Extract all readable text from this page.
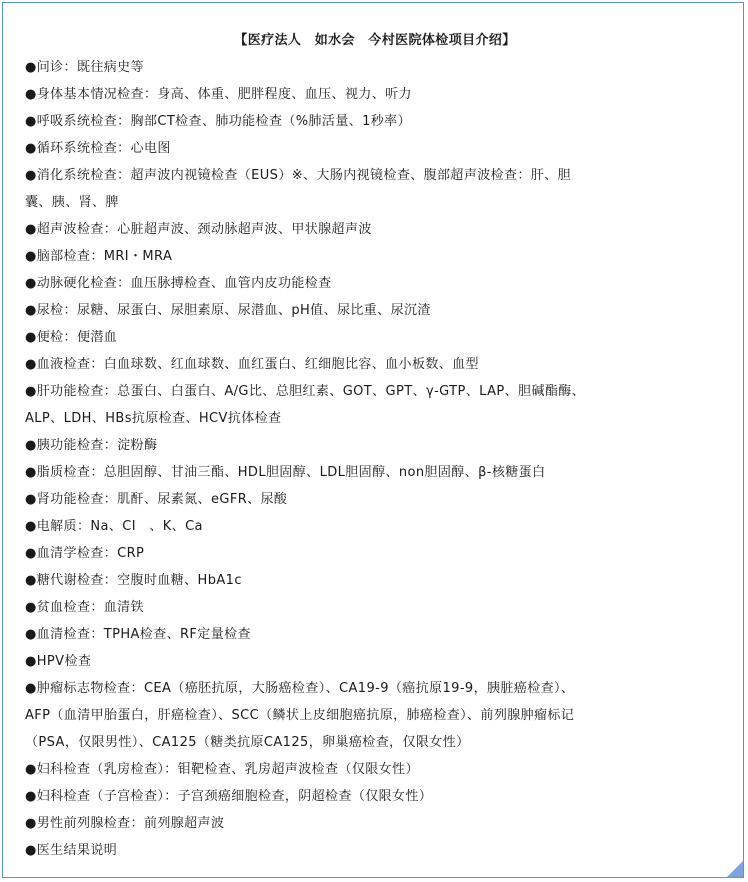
【医疗法人　如水会　今村医院体检项目介绍】
●问诊：既往病史等
●身体基本情况检查：身高、体重、肥胖程度、血压、视力、听力
●呼吸系统检查：胸部CT检查、肺功能检查（%肺活量、1秒率）
●循环系统检查：心电图
●消化系统检查：超声波内视镜检查（EUS）※、大肠内视镜检查、腹部超声波检查：肝、胆
囊、胰、肾、脾
●超声波检查：心脏超声波、颈动脉超声波、甲状腺超声波
●脑部检查：MRI・MRA
●动脉硬化检查：血压脉搏检查、血管内皮功能检查
●尿检：尿糖、尿蛋白、尿胆素原、尿潜血、pH值、尿比重、尿沉渣
●便检：便潜血
●血液检查：白血球数、红血球数、血红蛋白、红细胞比容、血小板数、血型
●肝功能检查：总蛋白、白蛋白、A/G比、总胆红素、GOT、GPT、γ-GTP、LAP、胆碱酯酶、
ALP、LDH、HBs抗原检查、HCV抗体检查
●胰功能检查：淀粉酶
●脂质检查：总胆固醇、甘油三酯、HDL胆固醇、LDL胆固醇、non胆固醇、β-核糖蛋白
●肾功能检查：肌酐、尿素氮、eGFR、尿酸
●电解质：Na、CI　、K、Ca
●血清学检查：CRP
●糖代谢检查：空腹时血糖、HbA1c
●贫血检查：血清铁
●血清检查：TPHA检查、RF定量检查
●HPV检查
●肿瘤标志物检查：CEA（癌胚抗原，大肠癌检查）、CA19-9（癌抗原19-9，胰脏癌检查）、
AFP（血清甲胎蛋白，肝癌检查）、SCC（鳞状上皮细胞癌抗原，肺癌检查）、前列腺肿瘤标记
（PSA，仅限男性）、CA125（糖类抗原CA125，卵巢癌检查，仅限女性）
●妇科检查（乳房检查）：钼靶检查、乳房超声波检查（仅限女性）
●妇科检查（子宫检查）：子宫颈癌细胞检查，阴超检查（仅限女性）
●男性前列腺检查：前列腺超声波
●医生结果说明
